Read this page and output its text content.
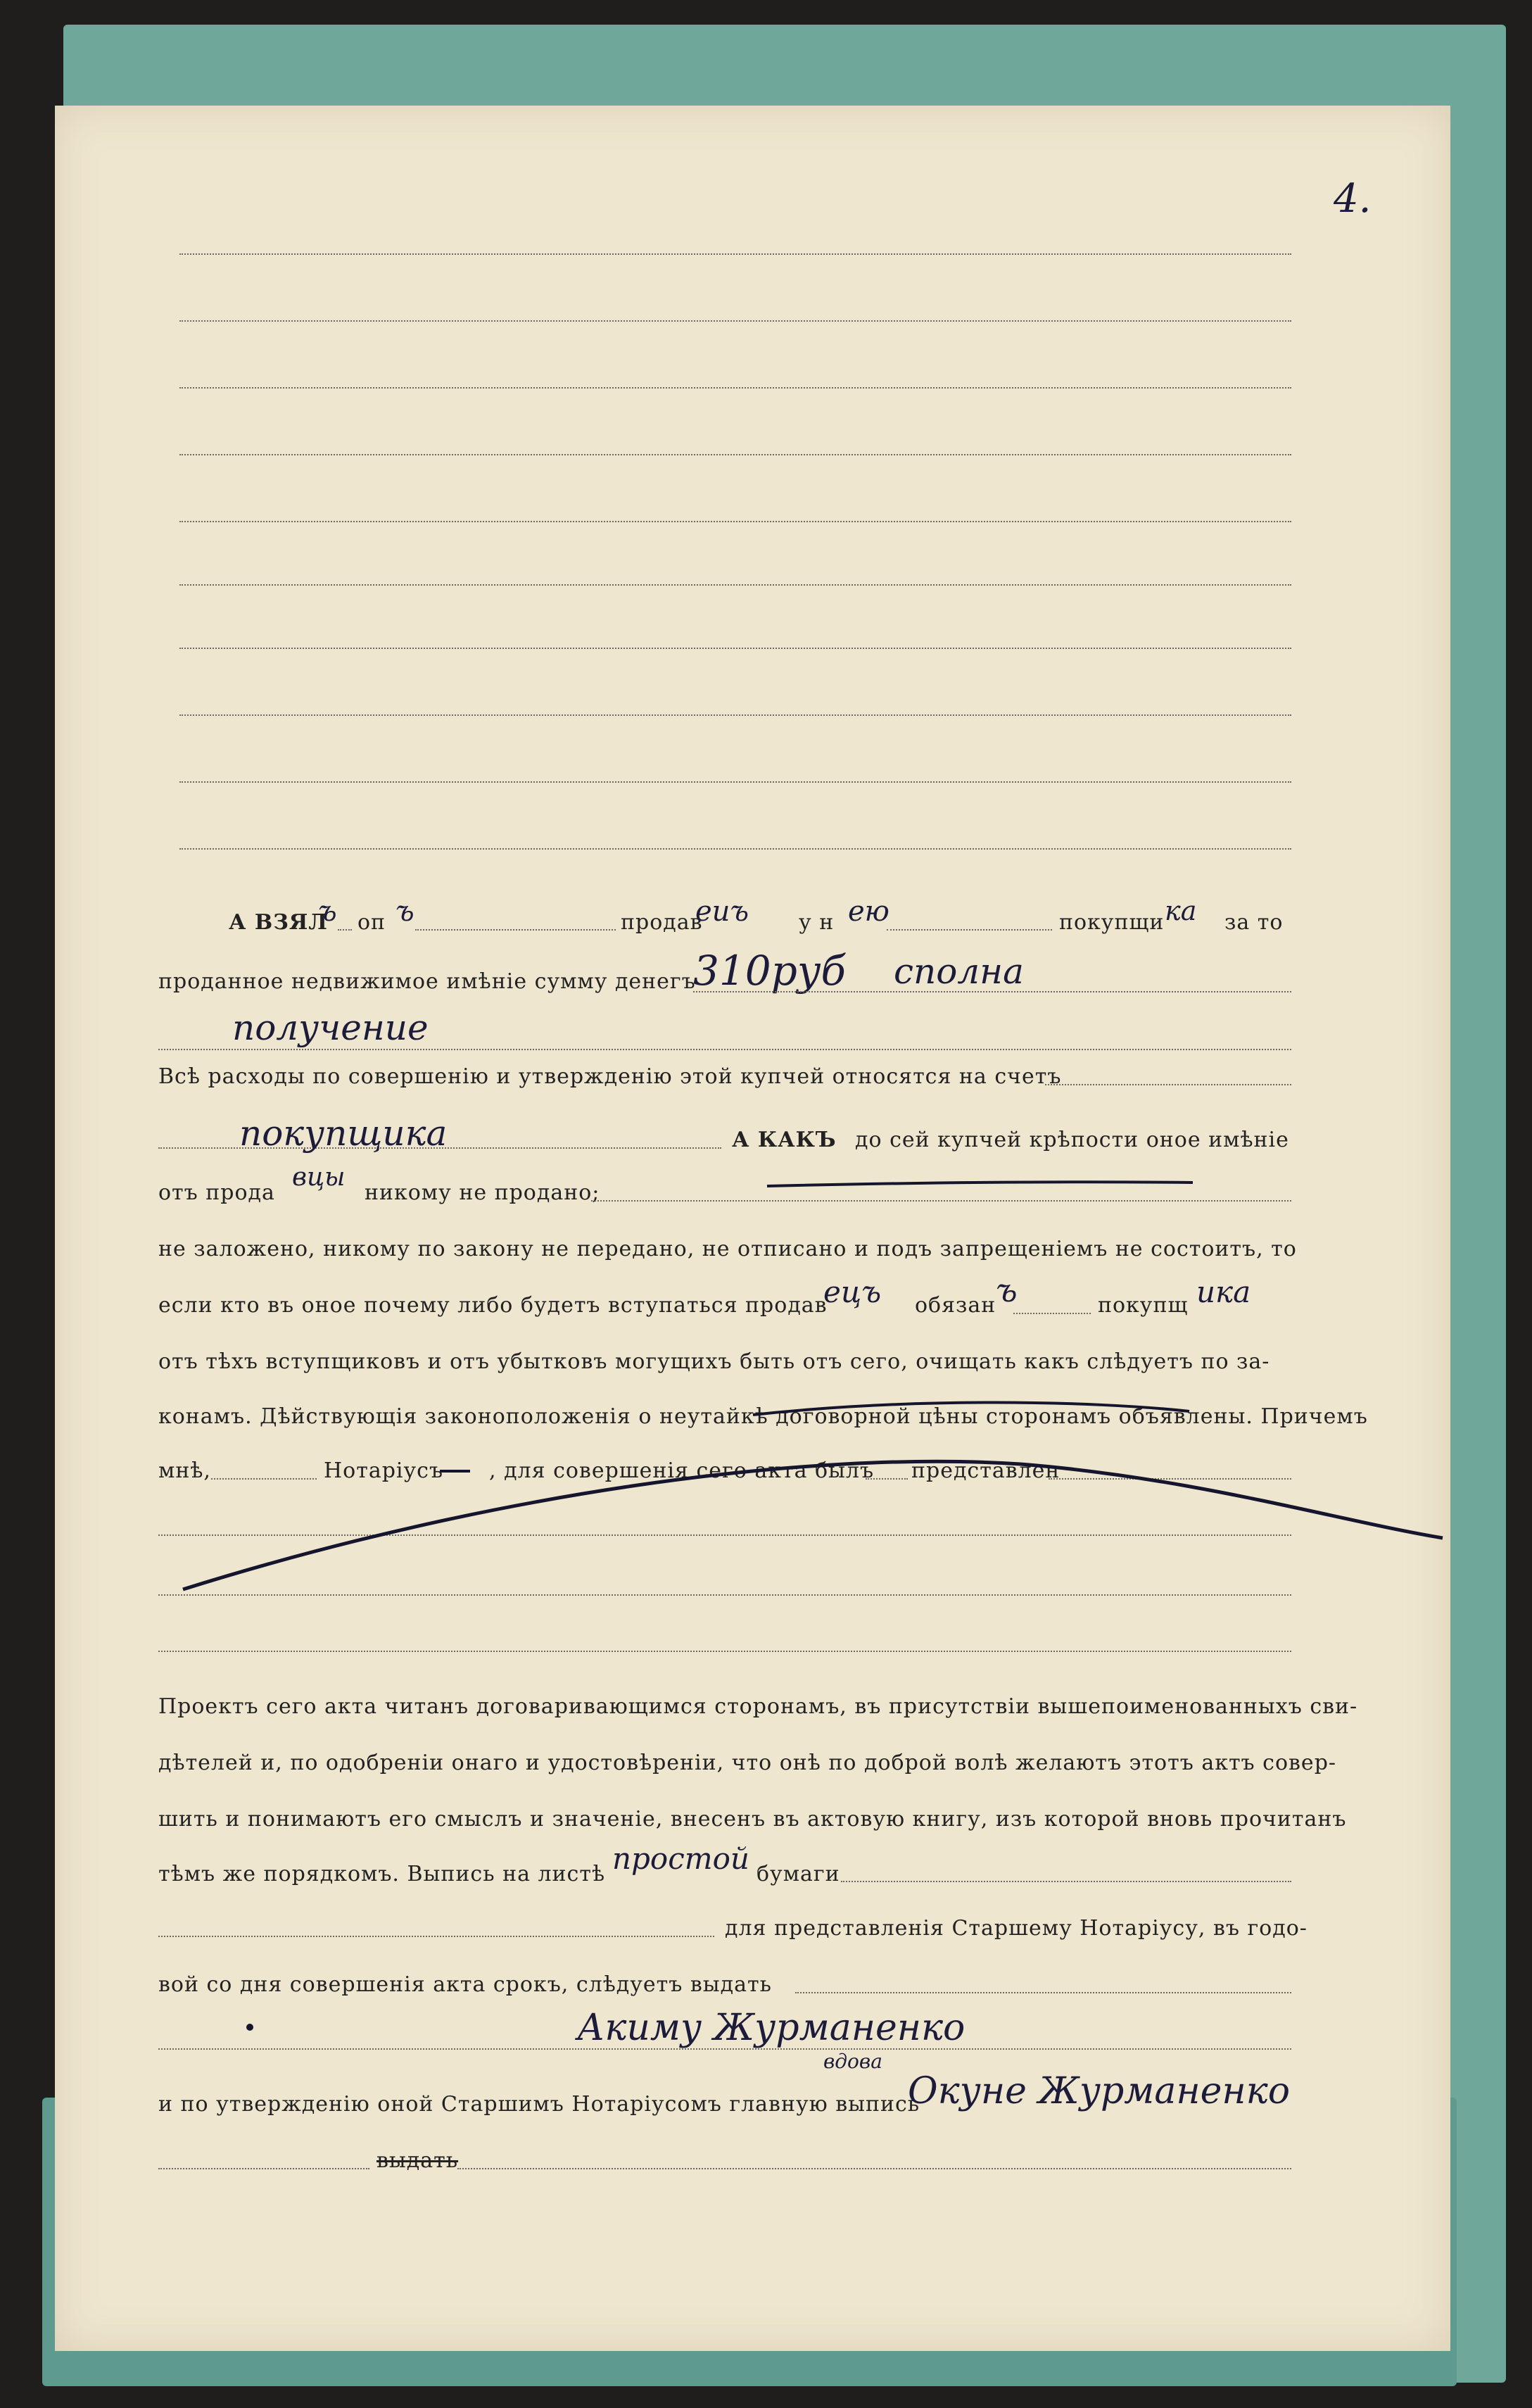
4.
А ВЗЯЛ
ъ оп ъ	продав
еиъ у н ею	покупщи ка за то
проданное недвижимое имѣніе сумму денегъ
310руб сполна
получение
Всѣ расходы по совершенію и утвержденію этой купчей относятся на счетъ
покупщика	А КАКЪ до сей купчей крѣпости оное имѣніе
отъ прода
вцы
никому не продано;
не заложено, никому по закону не передано, не отписано и подъ запрещеніемъ не состоитъ, то
если кто въ оное почему либо будетъ вступаться продав
ецъ обязан ъ	покупщ ика
отъ тѣхъ вступщиковъ и отъ убытковъ могущихъ быть отъ сего, очищать какъ слѣдуетъ по за-
конамъ. Дѣйствующія законоположенія о неутайкѣ договорной цѣны сторонамъ объявлены. Причемъ
мнѣ,	Нотаріусъ , для совершенія сего акта былъ представлен
Проектъ сего акта читанъ договаривающимся сторонамъ, въ присутствіи вышепоименованныхъ сви-
дѣтелей и, по одобреніи онаго и удостовѣреніи, что онѣ по доброй волѣ желаютъ этотъ актъ совер-
шить и понимаютъ его смыслъ и значеніе, внесенъ въ актовую книгу, изъ которой вновь прочитанъ
тѣмъ же порядкомъ. Выпись на листѣ простой бумаги
для представленія Старшему Нотаріусу, въ годо-
вой со дня совершенія акта срокъ, слѣдуетъ выдать
Акиму Журманенко
вдова
и по утвержденію оной Старшимъ Нотаріусомъ главную выпись
Окуне Журманенко
выдать
